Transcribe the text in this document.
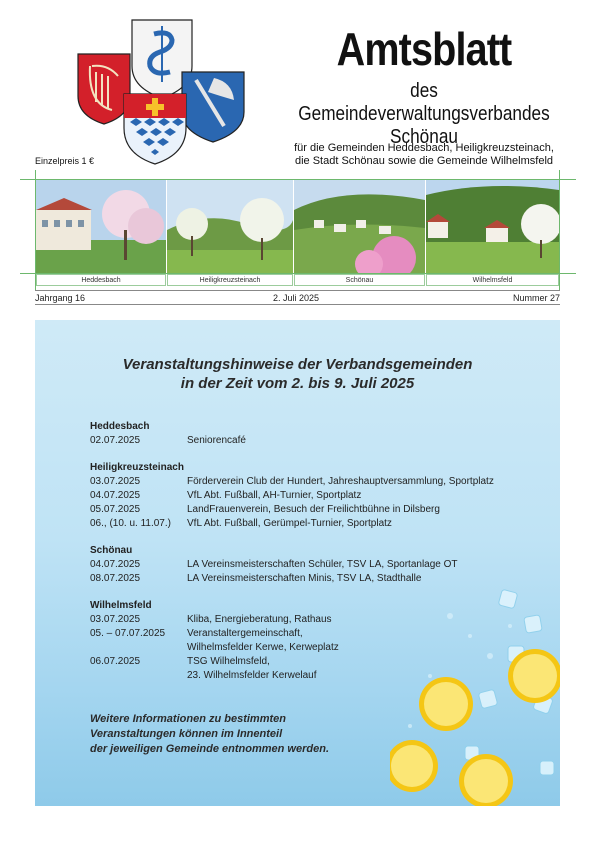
Amtsblatt
des Gemeindeverwaltungsverbandes
Schönau
für die Gemeinden Heddesbach, Heiligkreuzsteinach,
die Stadt Schönau sowie die Gemeinde Wilhelmsfeld
Einzelpreis 1 €
Heddesbach	Heiligkreuzsteinach	Schönau	Wilhelmsfeld
Jahrgang 16	2. Juli 2025	Nummer 27
Veranstaltungshinweise der Verbandsgemeinden
in der Zeit vom 2. bis 9. Juli 2025
Heddesbach
02.07.2025	Seniorencafé
Heiligkreuzsteinach
03.07.2025	Förderverein Club der Hundert, Jahreshauptversammlung, Sportplatz
04.07.2025	VfL Abt. Fußball, AH-Turnier, Sportplatz
05.07.2025	LandFrauenverein, Besuch der Freilichtbühne in Dilsberg
06., (10. u. 11.07.)	VfL Abt. Fußball, Gerümpel-Turnier, Sportplatz
Schönau
04.07.2025	LA Vereinsmeisterschaften Schüler, TSV LA, Sportanlage OT
08.07.2025	LA Vereinsmeisterschaften Minis, TSV LA, Stadthalle
Wilhelmsfeld
03.07.2025	Kliba, Energieberatung, Rathaus
05. – 07.07.2025	Veranstaltergemeinschaft,
Wilhelmsfelder Kerwe, Kerweplatz
06.07.2025	TSG Wilhelmsfeld,
23. Wilhelmsfelder Kerwelauf
Weitere Informationen zu bestimmten
Veranstaltungen können im Innenteil
der jeweiligen Gemeinde entnommen werden.
